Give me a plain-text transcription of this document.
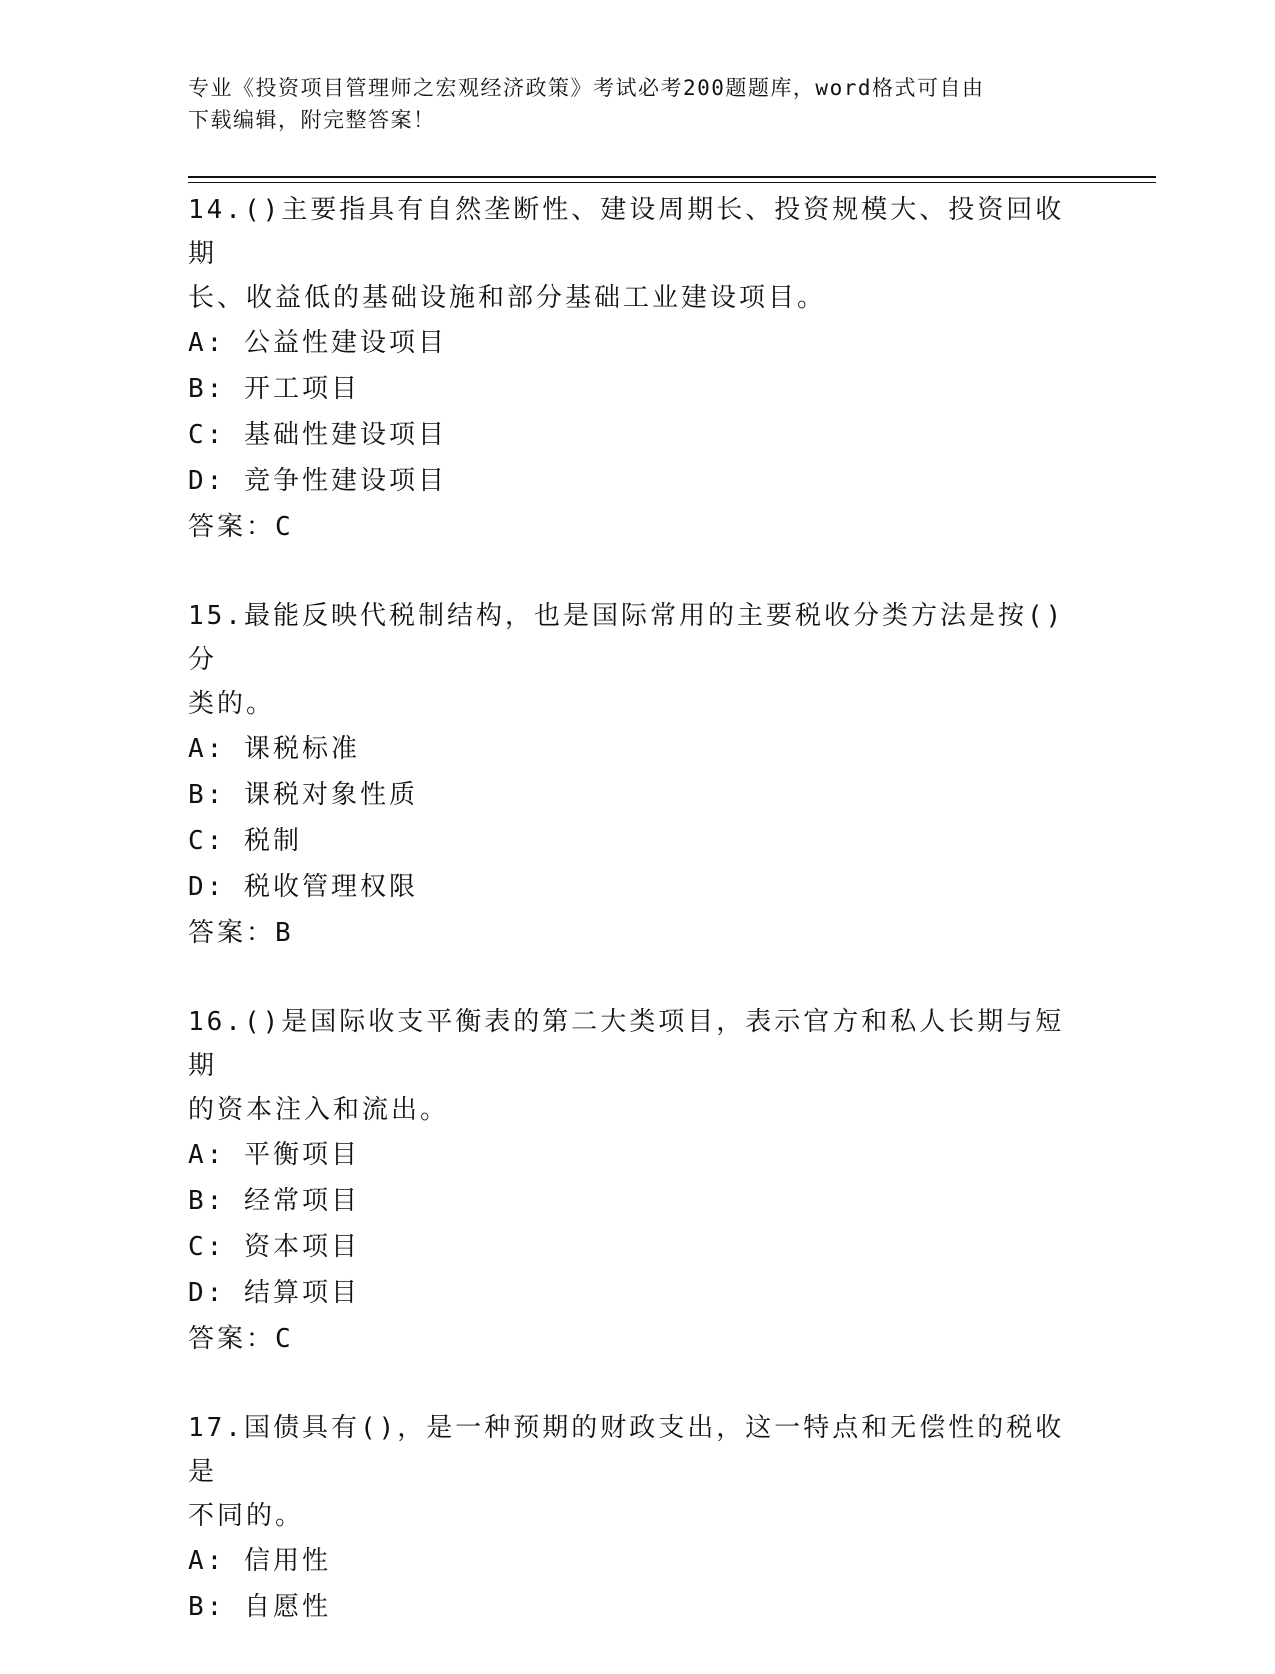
专业《投资项目管理师之宏观经济政策》考试必考200题题库，word格式可自由
下载编辑，附完整答案！
14.()主要指具有自然垄断性、建设周期长、投资规模大、投资回收期
长、收益低的基础设施和部分基础工业建设项目。
A: 公益性建设项目
B: 开工项目
C: 基础性建设项目
D: 竞争性建设项目
答案：C
15.最能反映代税制结构，也是国际常用的主要税收分类方法是按()分
类的。
A: 课税标准
B: 课税对象性质
C: 税制
D: 税收管理权限
答案：B
16.()是国际收支平衡表的第二大类项目，表示官方和私人长期与短期
的资本注入和流出。
A: 平衡项目
B: 经常项目
C: 资本项目
D: 结算项目
答案：C
17.国债具有()，是一种预期的财政支出，这一特点和无偿性的税收是
不同的。
A: 信用性
B: 自愿性
